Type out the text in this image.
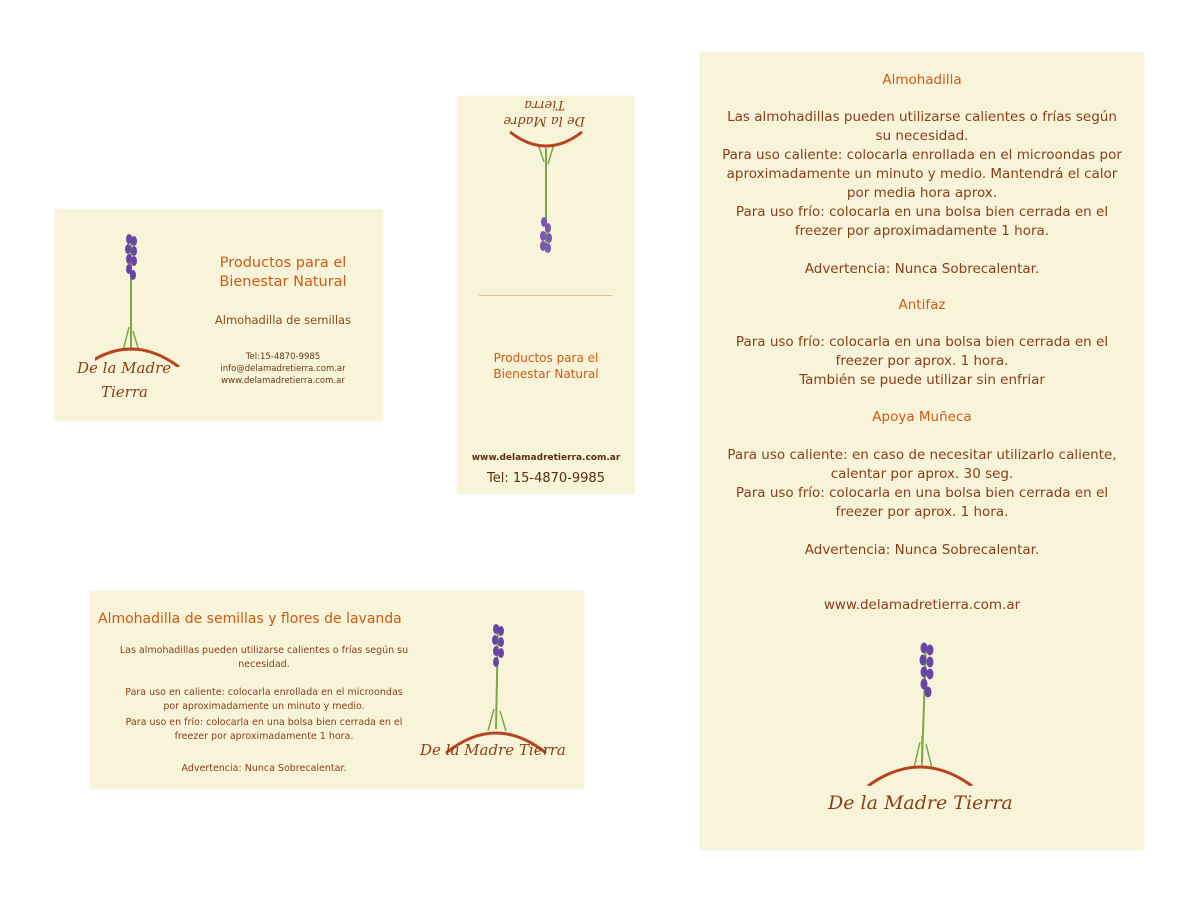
De la Madre
Tierra
Productos para el
Bienestar Natural
Almohadilla de semillas
Tel:15-4870-9985
info@delamadretierra.com.ar
www.delamadretierra.com.ar
De la Madre
Tierra
Productos para el
Bienestar Natural
www.delamadretierra.com.ar
Tel: 15-4870-9985
Almohadilla
Las almohadillas pueden utilizarse calientes o frías según
su necesidad.
Para uso caliente: colocarla enrollada en el microondas por
aproximadamente un minuto y medio. Mantendrá el calor
por media hora aprox.
Para uso frío: colocarla en una bolsa bien cerrada en el
freezer por aproximadamente 1 hora.
Advertencia: Nunca Sobrecalentar.
Antifaz
Para uso frío: colocarla en una bolsa bien cerrada en el
freezer por aprox. 1 hora.
También se puede utilizar sin enfriar
Apoya Muñeca
Para uso caliente: en caso de necesitar utilizarlo caliente,
calentar por aprox. 30 seg.
Para uso frío: colocarla en una bolsa bien cerrada en el
freezer por aprox. 1 hora.
Advertencia: Nunca Sobrecalentar.
www.delamadretierra.com.ar
De la Madre Tierra
Almohadilla de semillas y flores de lavanda
Las almohadillas pueden utilizarse calientes o frías según su
necesidad.
Para uso en caliente: colocarla enrollada en el microondas
por aproximadamente un minuto y medio.
Para uso en frío: colocarla en una bolsa bien cerrada en el
freezer por aproximadamente 1 hora.
Advertencia: Nunca Sobrecalentar.
De la Madre Tierra
